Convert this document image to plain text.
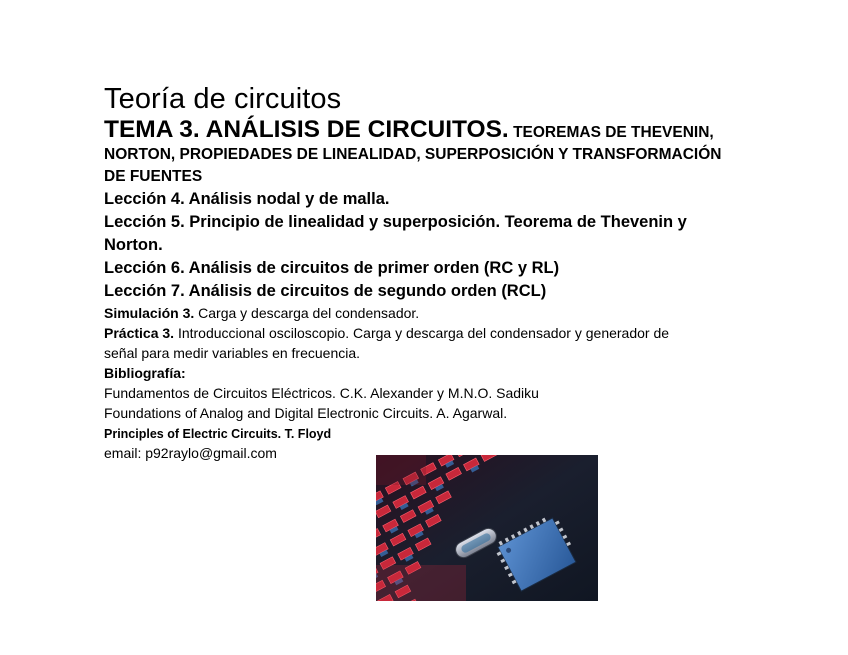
Teoría de circuitos

TEMA 3. ANÁLISIS DE CIRCUITOS. TEOREMAS DE THEVENIN,

NORTON, PROPIEDADES DE LINEALIDAD, SUPERPOSICIÓN Y TRANSFORMACIÓN

DE FUENTES

Lección 4. Análisis nodal y de malla.

Lección 5. Principio de linealidad y superposición. Teorema de Thevenin y

Norton.

Lección 6. Análisis de circuitos de primer orden (RC y RL)

Lección 7. Análisis de circuitos de segundo orden (RCL)

Simulación 3. Carga y descarga del condensador.

Práctica 3. Introduccional osciloscopio. Carga y descarga del condensador y generador de

señal para medir variables en frecuencia.

Bibliografía:

Fundamentos de Circuitos Eléctricos. C.K. Alexander y M.N.O. Sadiku

Foundations of Analog and Digital Electronic Circuits. A. Agarwal.

Principles of Electric Circuits. T. Floyd

email: p92raylo@gmail.com
